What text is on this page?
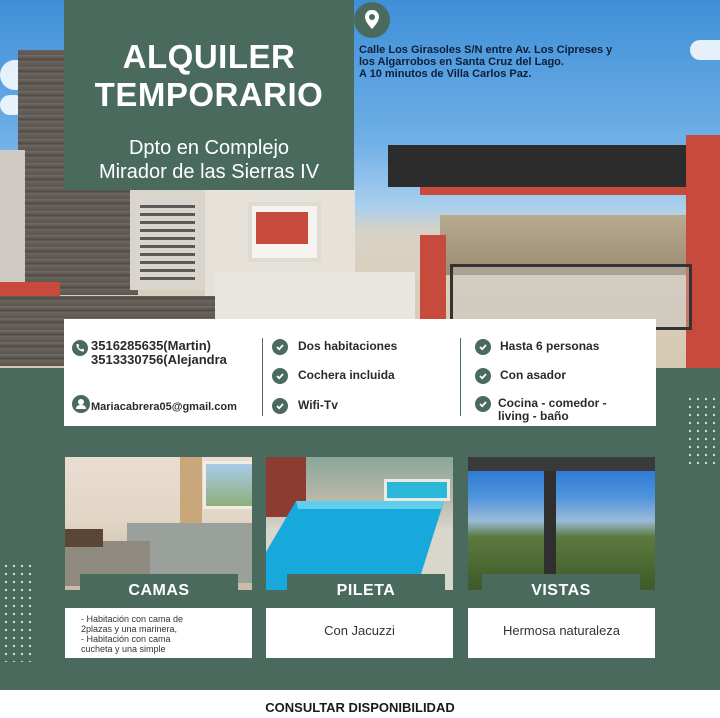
ALQUILER
TEMPORARIO
Dpto en Complejo
Mirador de las Sierras IV
Calle Los Girasoles S/N entre Av. Los Cipreses y
los Algarrobos en Santa Cruz del Lago.
A 10 minutos de Villa Carlos Paz.
3516285635(Martin)
3513330756(Alejandra
Mariacabrera05@gmail.com
Dos habitaciones
Cochera incluida
Wifi-Tv
Hasta 6 personas
Con asador
Cocina - comedor -
living - baño
CAMAS
- Habitación con cama de
2plazas y una marinera,
- Habitación con cama
cucheta y una simple
PILETA
Con Jacuzzi
VISTAS
Hermosa naturaleza
CONSULTAR DISPONIBILIDAD
